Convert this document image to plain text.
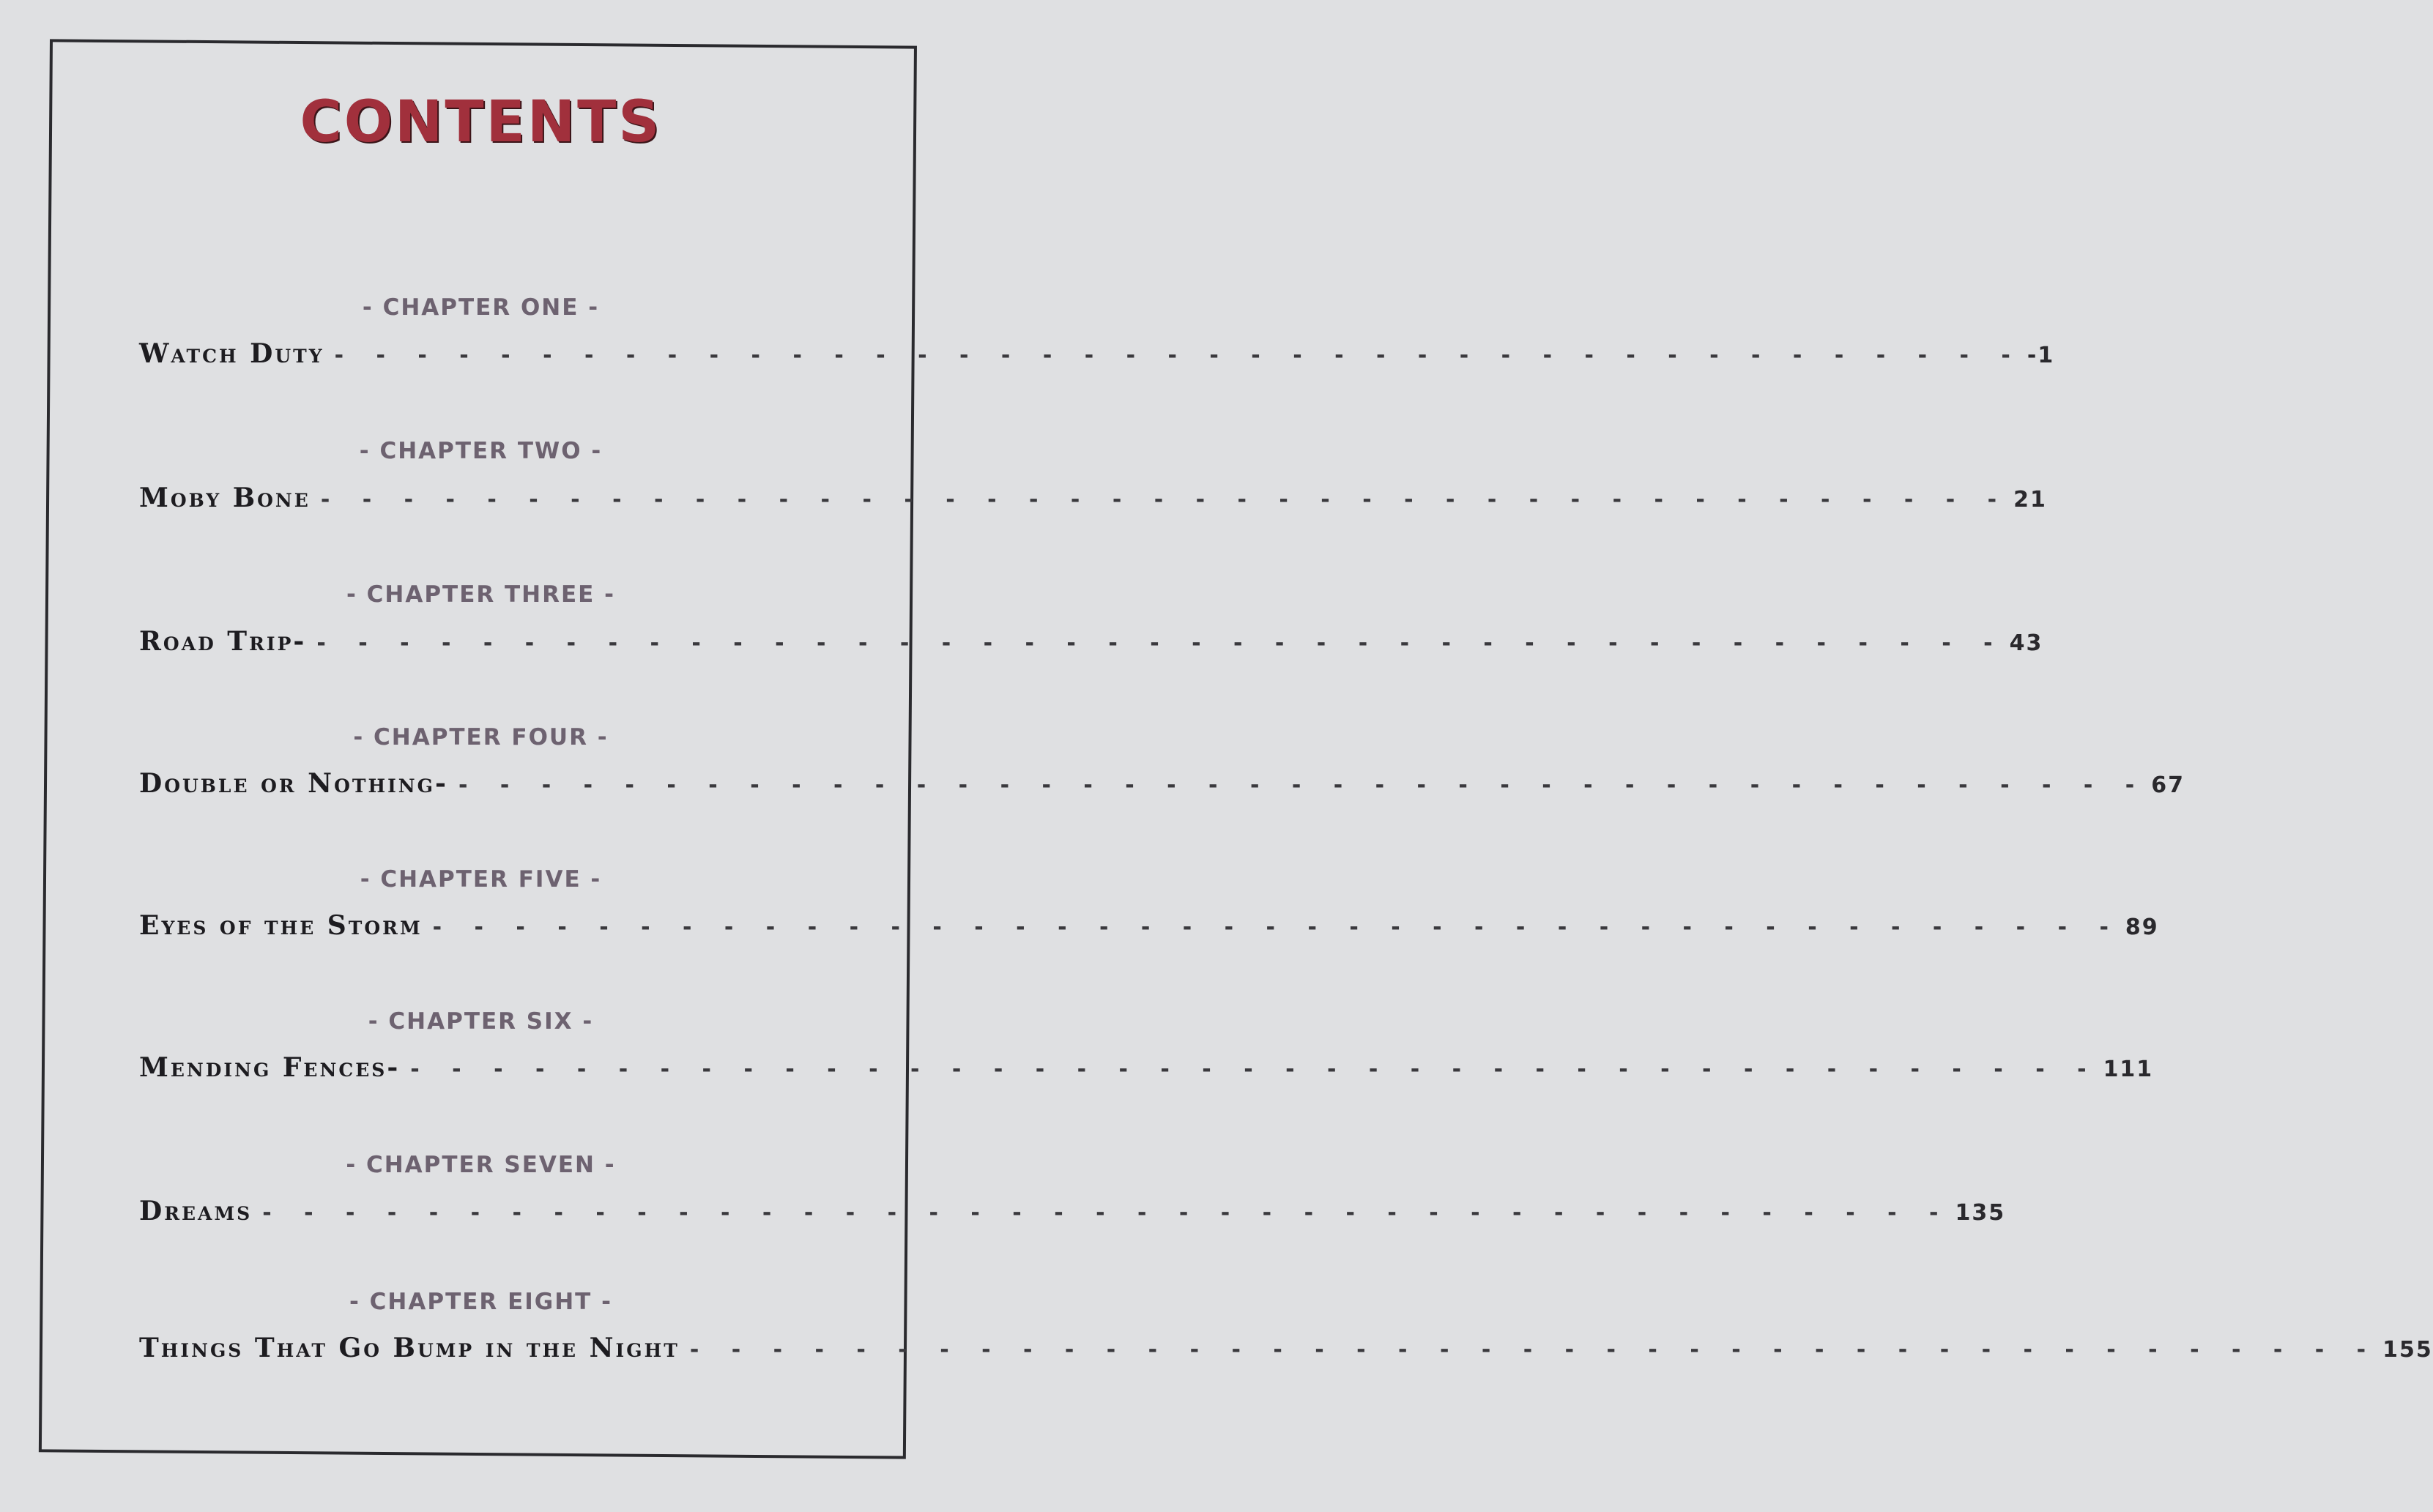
CONTENTS
- CHAPTER ONE -
Watch Duty - - - - - - - - - - - - - - - - - - - - - - - - - - - - - - - - - - - - - - - - - -1
- CHAPTER TWO -
Moby Bone - - - - - - - - - - - - - - - - - - - - - - - - - - - - - - - - - - - - - - - - - 21
- CHAPTER THREE -
Road Trip- - - - - - - - - - - - - - - - - - - - - - - - - - - - - - - - - - - - - - - - - - 43
- CHAPTER FOUR -
Double or Nothing- - - - - - - - - - - - - - - - - - - - - - - - - - - - - - - - - - - - - - - - - - 67
- CHAPTER FIVE -
Eyes of the Storm - - - - - - - - - - - - - - - - - - - - - - - - - - - - - - - - - - - - - - - - - 89
- CHAPTER SIX -
Mending Fences- - - - - - - - - - - - - - - - - - - - - - - - - - - - - - - - - - - - - - - - - - 111
- CHAPTER SEVEN -
Dreams - - - - - - - - - - - - - - - - - - - - - - - - - - - - - - - - - - - - - - - - - 135
- CHAPTER EIGHT -
Things That Go Bump in the Night - - - - - - - - - - - - - - - - - - - - - - - - - - - - - - - - - - - - - - - - - 155
